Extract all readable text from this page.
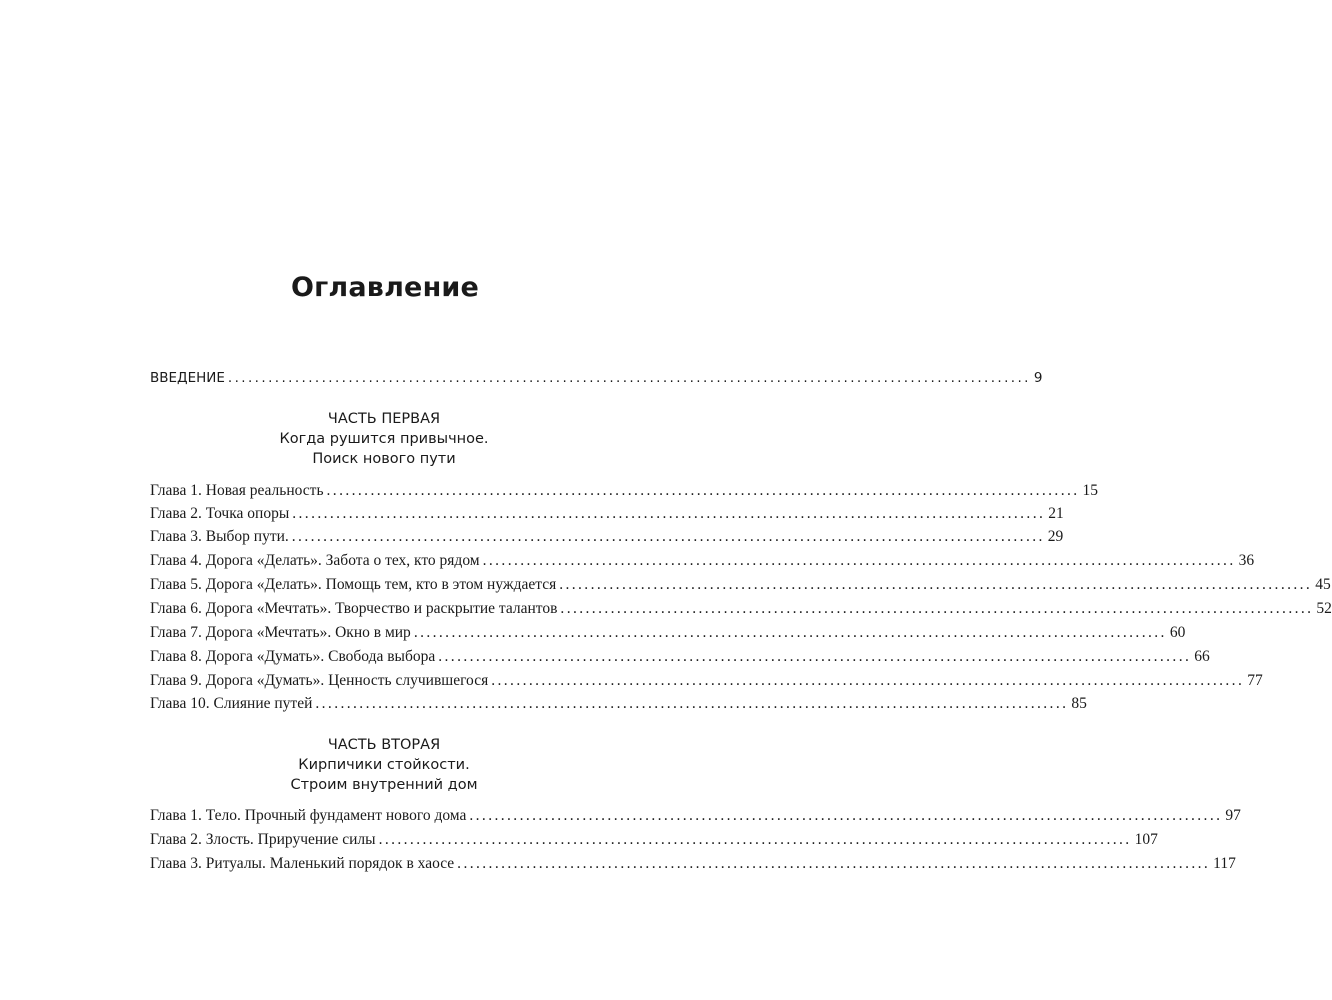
Оглавление
ВВЕДЕНИЕ ........................................................................................................................ 9
ЧАСТЬ ПЕРВАЯ
Когда рушится привычное.
Поиск нового пути
Глава 1. Новая реальность ........................................................................................................................ 15
Глава 2. Точка опоры ........................................................................................................................ 21
Глава 3. Выбор пути. ........................................................................................................................ 29
Глава 4. Дорога «Делать». Забота о тех, кто рядом ........................................................................................................................ 36
Глава 5. Дорога «Делать». Помощь тем, кто в этом нуждается ........................................................................................................................ 45
Глава 6. Дорога «Мечтать». Творчество и раскрытие талантов ........................................................................................................................ 52
Глава 7. Дорога «Мечтать». Окно в мир ........................................................................................................................ 60
Глава 8. Дорога «Думать». Свобода выбора ........................................................................................................................ 66
Глава 9. Дорога «Думать». Ценность случившегося ........................................................................................................................ 77
Глава 10. Слияние путей ........................................................................................................................ 85
ЧАСТЬ ВТОРАЯ
Кирпичики стойкости.
Строим внутренний дом
Глава 1. Тело. Прочный фундамент нового дома ........................................................................................................................ 97
Глава 2. Злость. Приручение силы ........................................................................................................................ 107
Глава 3. Ритуалы. Маленький порядок в хаосе ........................................................................................................................ 117
